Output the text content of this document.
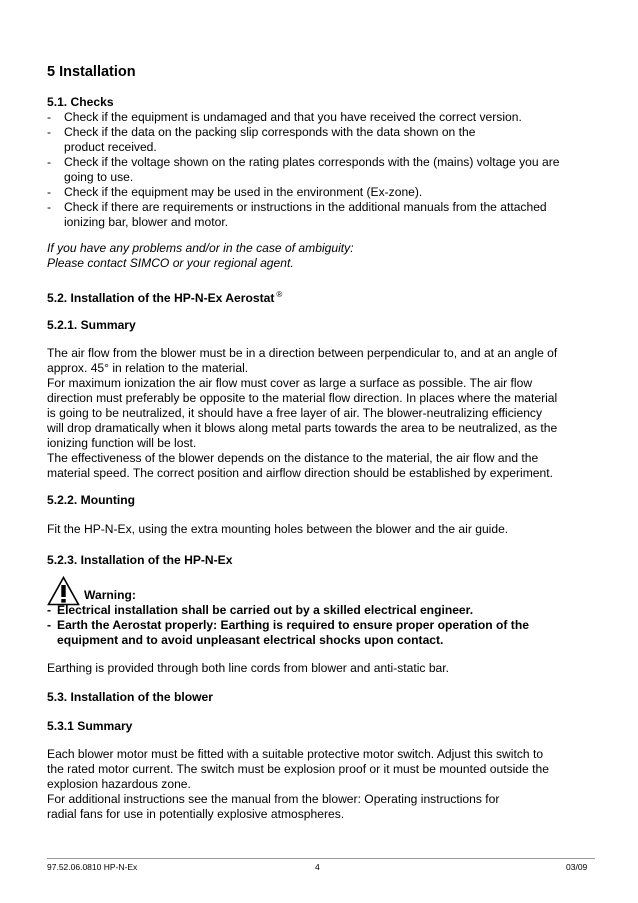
5 Installation
5.1. Checks
- Check if the equipment is undamaged and that you have received the correct version.
- Check if the data on the packing slip corresponds with the data shown on the
product received.
- Check if the voltage shown on the rating plates corresponds with the (mains) voltage you are
going to use.
- Check if the equipment may be used in the environment (Ex-zone).
- Check if there are requirements or instructions in the additional manuals from the attached
ionizing bar, blower and motor.
If you have any problems and/or in the case of ambiguity:
Please contact SIMCO or your regional agent.
5.2. Installation of the HP-N-Ex Aerostat ®
5.2.1. Summary
The air flow from the blower must be in a direction between perpendicular to, and at an angle of
approx. 45° in relation to the material.
For maximum ionization the air flow must cover as large a surface as possible. The air flow
direction must preferably be opposite to the material flow direction. In places where the material
is going to be neutralized, it should have a free layer of air. The blower-neutralizing efficiency
will drop dramatically when it blows along metal parts towards the area to be neutralized, as the
ionizing function will be lost.
The effectiveness of the blower depends on the distance to the material, the air flow and the
material speed. The correct position and airflow direction should be established by experiment.
5.2.2. Mounting
Fit the HP-N-Ex, using the extra mounting holes between the blower and the air guide.
5.2.3. Installation of the HP-N-Ex
Warning:
- Electrical installation shall be carried out by a skilled electrical engineer.
- Earth the Aerostat properly: Earthing is required to ensure proper operation of the
equipment and to avoid unpleasant electrical shocks upon contact.
Earthing is provided through both line cords from blower and anti-static bar.
5.3. Installation of the blower
5.3.1 Summary
Each blower motor must be fitted with a suitable protective motor switch. Adjust this switch to
the rated motor current. The switch must be explosion proof or it must be mounted outside the
explosion hazardous zone.
For additional instructions see the manual from the blower: Operating instructions for
radial fans for use in potentially explosive atmospheres.
97.52.06.0810 HP-N-Ex	4	03/09
